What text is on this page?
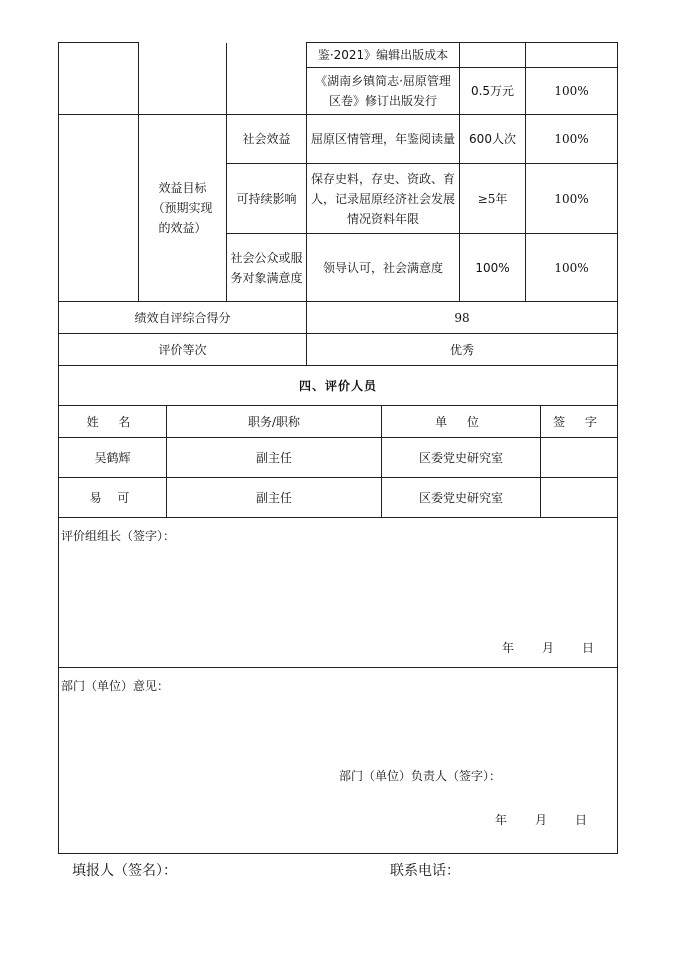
			鉴·2021》编辑出版成本		
			《湖南乡镇简志·屈原管理区卷》修订出版发行	0.5万元	100%
	效益目标（预期实现的效益）	社会效益	屈原区情管理，年鉴阅读量	600人次	100%
		可持续影响	保存史料，存史、资政、育人，记录屈原经济社会发展情况资料年限	≥5年	100%
		社会公众或服务对象满意度	领导认可，社会满意度	100%	100%
绩效自评综合得分			98		
评价等次			优秀		
四、评价人员			
姓 名	职务/职称	单 位	签 字
吴鹤辉	副主任	区委党史研究室	
易 可	副主任	区委党史研究室	

评价组组长（签字）：
年 月 日			

部门（单位）意见：
部门（单位）负责人（签字）：
年 月 日			
填报人（签名）：	联系电话：
